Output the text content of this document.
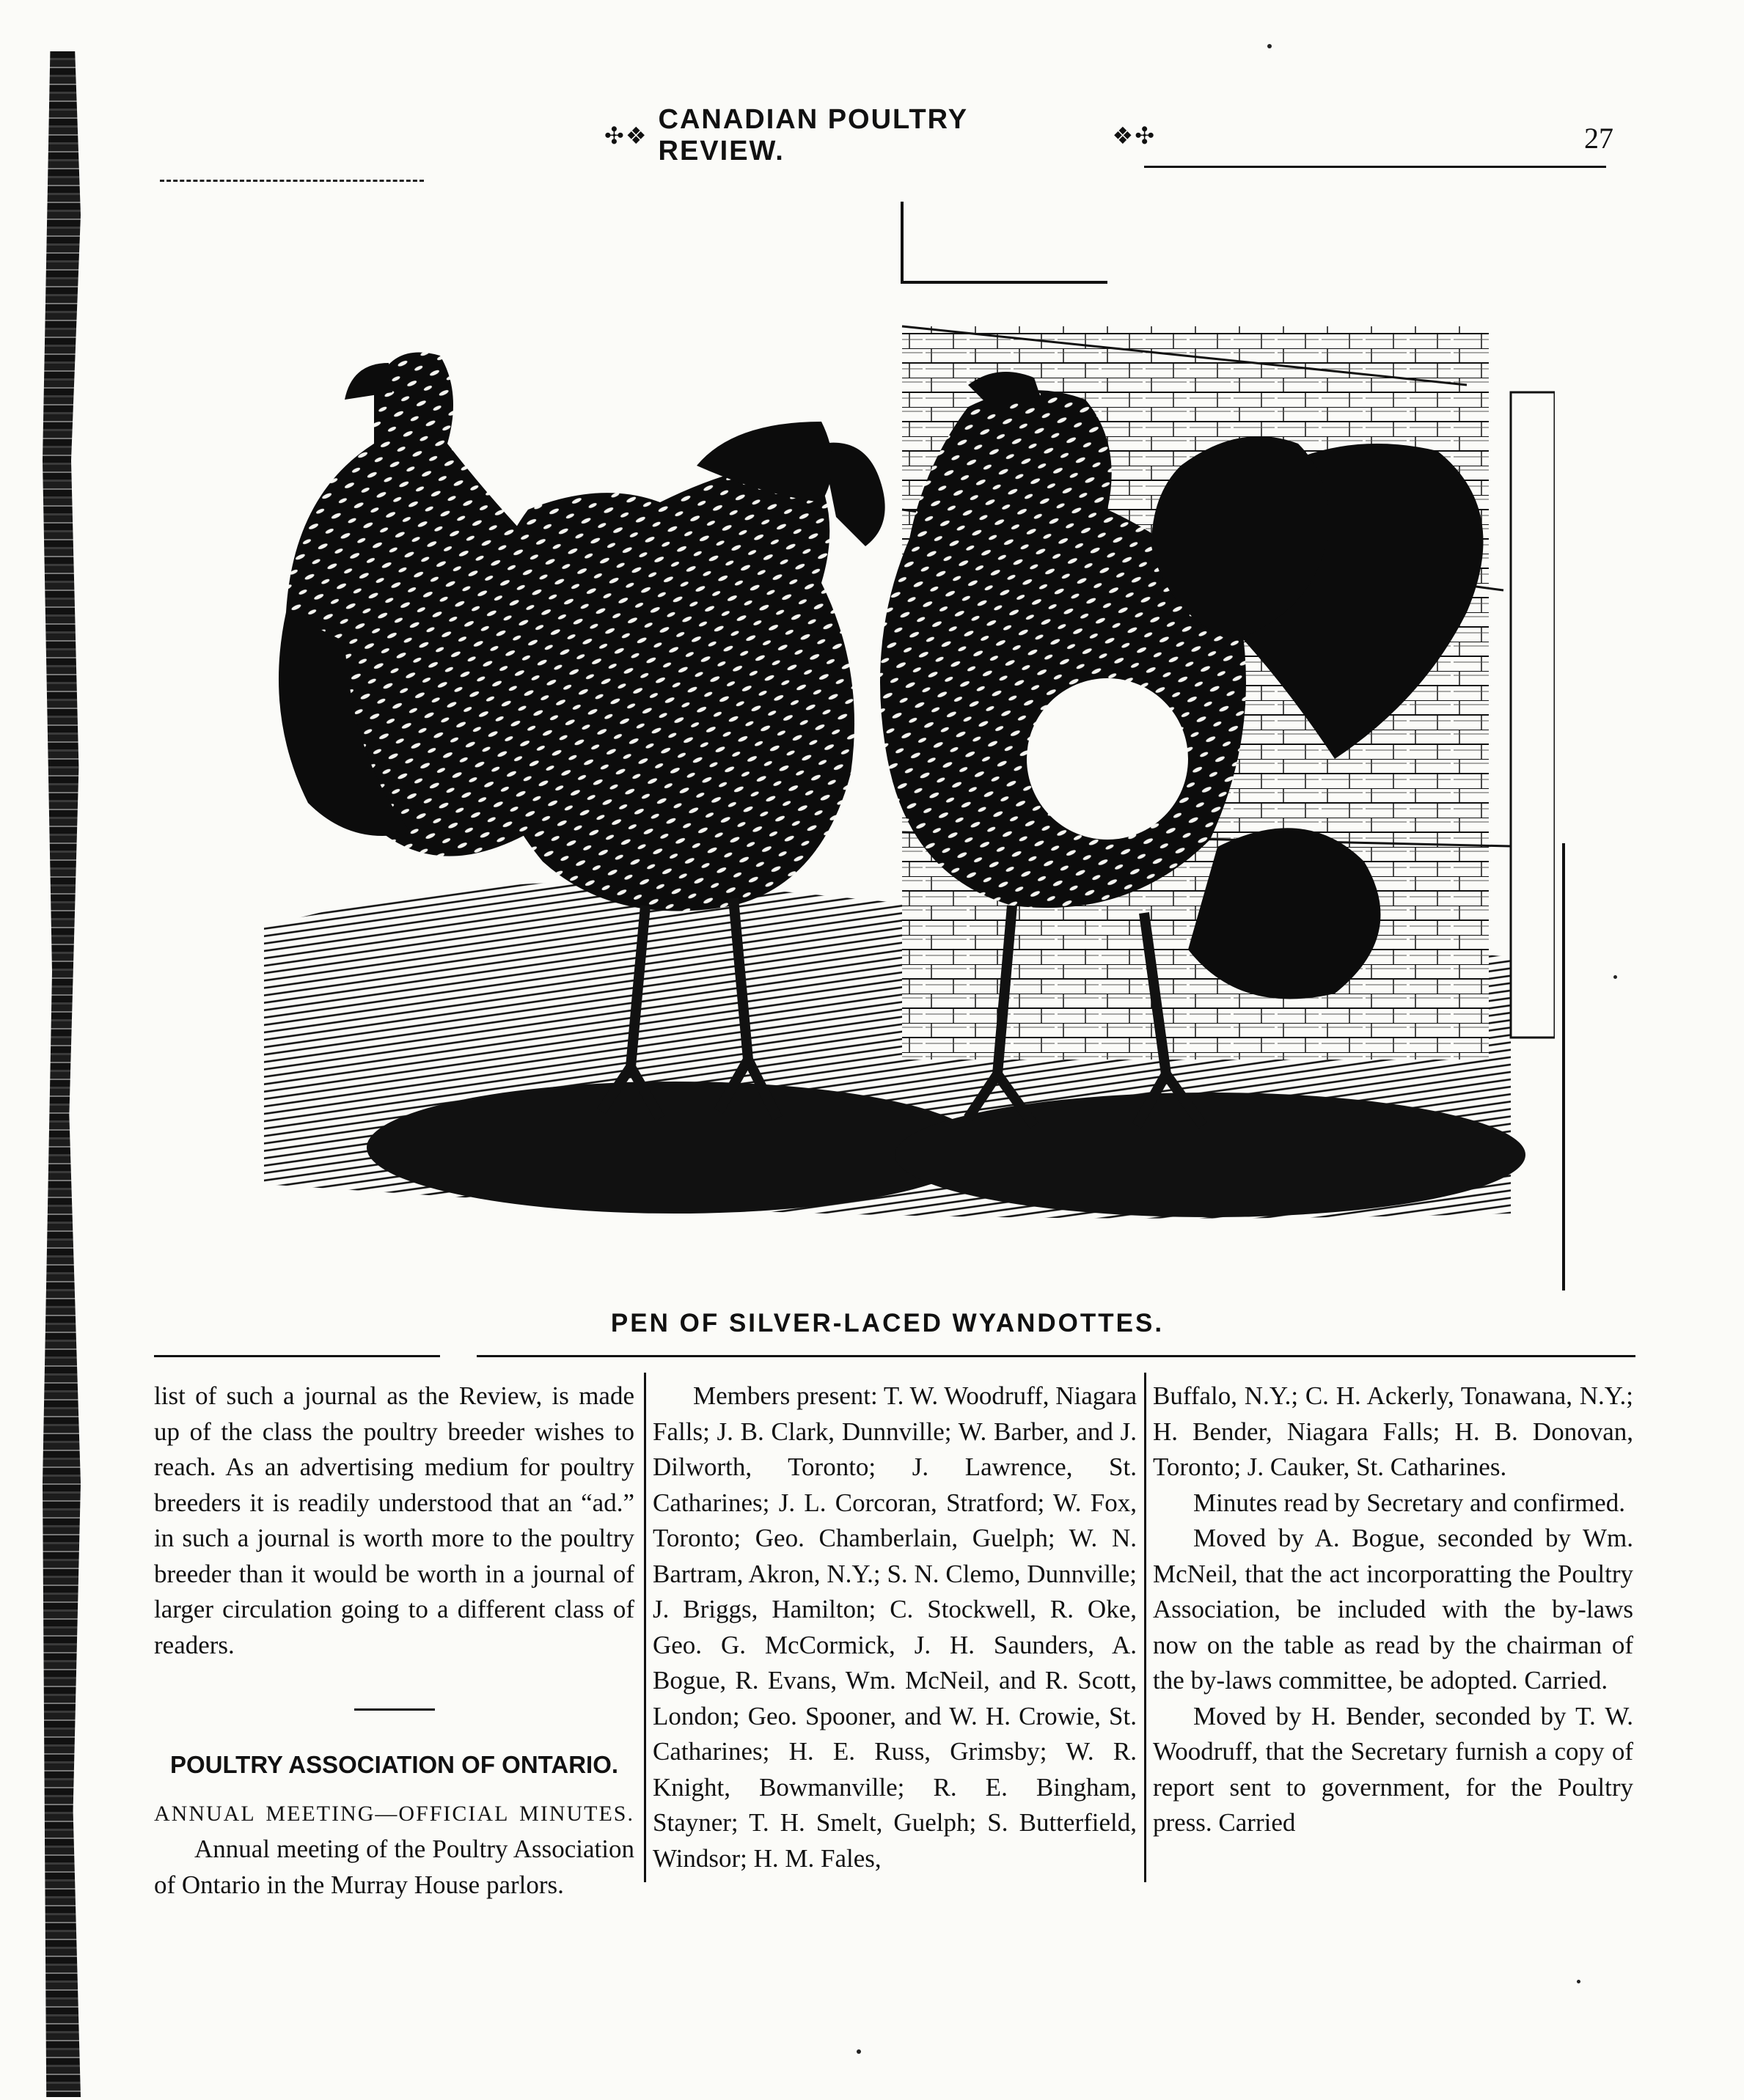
✣❖
CANADIAN POULTRY REVIEW.	❖✣	27
PEN OF SILVER-LACED WYANDOTTES.

list of such a journal as the Review, is made up of the class the poultry breeder wishes to reach. As an advertising medium for poultry breeders it is readily understood that an “ad.” in such a journal is worth more to the poultry breeder than it would be worth in a journal of larger circulation going to a different class of readers.

POULTRY ASSOCIATION OF ONTARIO.

ANNUAL MEETING—OFFICIAL MINUTES.

Annual meeting of the Poultry Association of Ontario in the Murray House parlors.

Members present: T. W. Woodruff, Niagara Falls; J. B. Clark, Dunnville; W. Barber, and J. Dilworth, Toronto; J. Lawrence, St. Catharines; J. L. Corcoran, Stratford; W. Fox, Toronto; Geo. Chamberlain, Guelph; W. N. Bartram, Akron, N.Y.; S. N. Clemo, Dunnville; J. Briggs, Hamilton; C. Stockwell, R. Oke, Geo. G. McCormick, J. H. Saunders, A. Bogue, R. Evans, Wm. McNeil, and R. Scott, London; Geo. Spooner, and W. H. Crowie, St. Catharines; H. E. Russ, Grimsby; W. R. Knight, Bowmanville; R. E. Bingham, Stayner; T. H. Smelt, Guelph; S. Butterfield, Windsor; H. M. Fales,

Buffalo, N.Y.; C. H. Ackerly, Tonawana, N.Y.; H. Bender, Niagara Falls; H. B. Donovan, Toronto; J. Cauker, St. Catharines.

Minutes read by Secretary and confirmed.

Moved by A. Bogue, seconded by Wm. McNeil, that the act incorporatting the Poultry Association, be included with the by-laws now on the table as read by the chairman of the by-laws committee, be adopted. Carried.

Moved by H. Bender, seconded by T. W. Woodruff, that the Secretary furnish a copy of report sent to government, for the Poultry press. Carried
